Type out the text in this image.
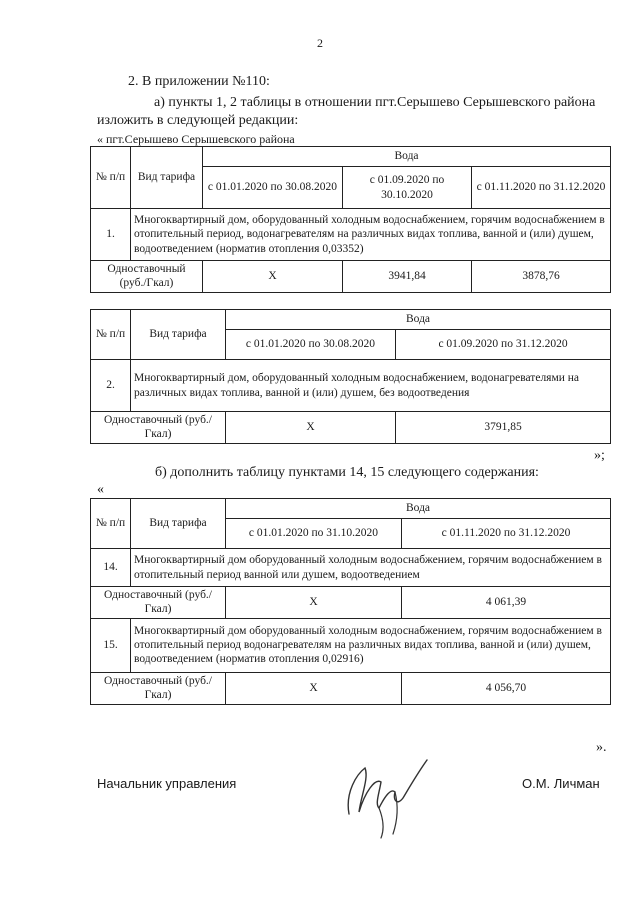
2
2. В приложении №110:
а) пункты 1, 2 таблицы в отношении пгт.Серышево Серышевского района
изложить в следующей редакции:
« пгт.Серышево Серышевского района
№ п/п	Вид тарифа	Вода		
		с 01.01.2020 по 30.08.2020	с 01.09.2020 по 30.10.2020	с 01.11.2020 по 31.12.2020
1.	Многоквартирный дом, оборудованный холодным водоснабжением, горячим водоснабжением в отопительный период, водонагревателям на различных видах топлива, ванной и (или) душем, водоотведением (норматив отопления 0,03352)			
Одноставочный (руб./Гкал)		Х	3941,84	3878,76
№ п/п	Вид тарифа	Вода	
		с 01.01.2020 по 30.08.2020	с 01.09.2020 по 31.12.2020
2.	Многоквартирный дом, оборудованный холодным водоснабжением, водонагревателями на различных видах топлива, ванной и (или) душем, без водоотведения		
Одноставочный (руб./Гкал)		Х	3791,85
»;
б) дополнить таблицу пунктами 14, 15 следующего содержания:
«
№ п/п	Вид тарифа	Вода	
		с 01.01.2020 по 31.10.2020	с 01.11.2020 по 31.12.2020
14.	Многоквартирный дом оборудованный холодным водоснабжением, горячим водоснабжением в отопительный период ванной или душем, водоотведением		
Одноставочный (руб./Гкал)		Х	4 061,39
15.	Многоквартирный дом оборудованный холодным водоснабжением, горячим водоснабжением в отопительный период водонагревателям на различных видах топлива, ванной и (или) душем, водоотведением (норматив отопления 0,02916)		
Одноставочный (руб./Гкал)		Х	4 056,70
».
Начальник управления	О.М. Личман
